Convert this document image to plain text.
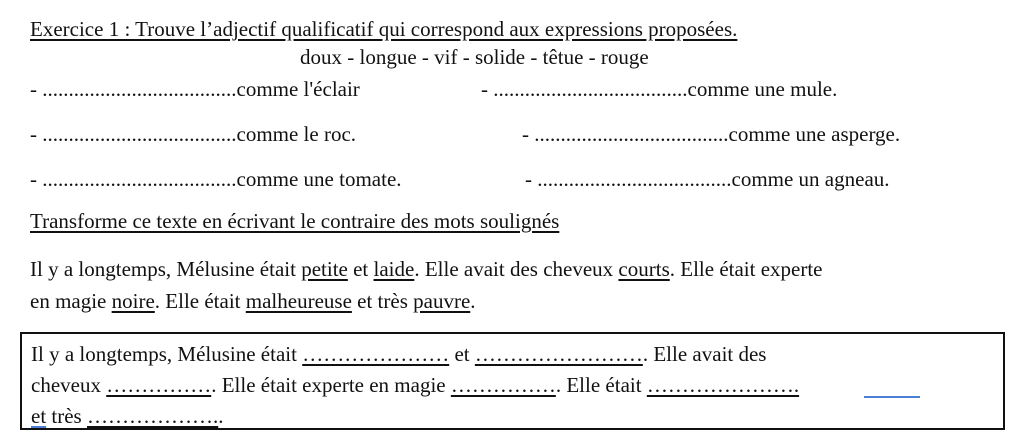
Exercice 1 : Trouve l’adjectif qualificatif qui correspond aux expressions proposées.
doux - longue - vif - solide - têtue - rouge
- .....................................comme l'éclair	- .....................................comme une mule.
- .....................................comme le roc.	- .....................................comme une asperge.
- .....................................comme une tomate.	- .....................................comme un agneau.
Transforme ce texte en écrivant le contraire des mots soulignés
Il y a longtemps, Mélusine était petite et laide. Elle avait des cheveux courts. Elle était experte
en magie noire. Elle était malheureuse et très pauvre.
Il y a longtemps, Mélusine était ………………… et ……………………. Elle avait des
cheveux ……………. Elle était experte en magie ……………. Elle était ………………….
et très ………………..
